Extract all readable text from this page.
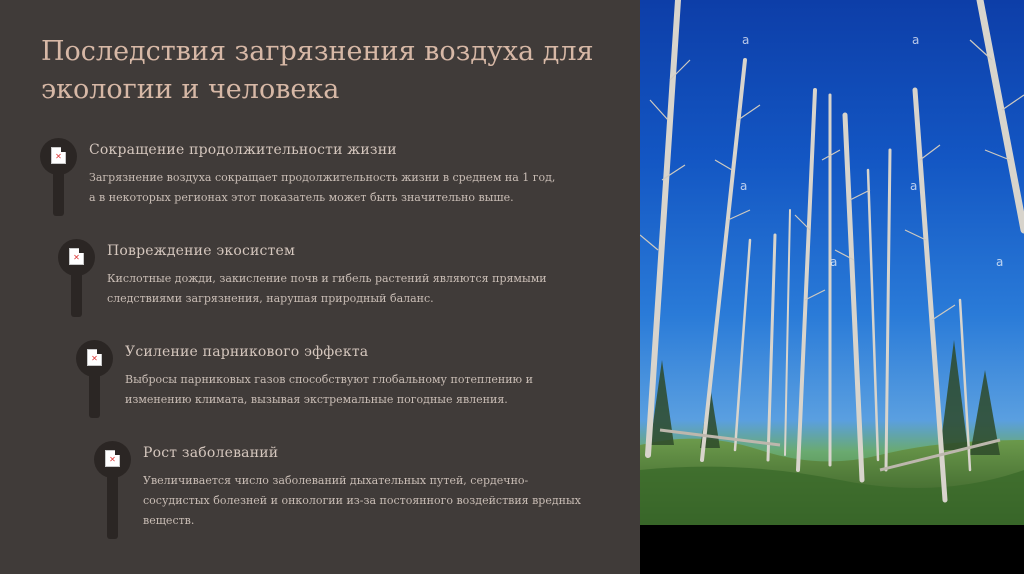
Последствия загрязнения воздуха для экологии и человека
✕ Сокращение продолжительности жизни
Загрязнение воздуха сокращает продолжительность жизни в среднем на 1 год, а в некоторых регионах этот показатель может быть значительно выше.
✕ Повреждение экосистем
Кислотные дожди, закисление почв и гибель растений являются прямыми следствиями загрязнения, нарушая природный баланс.
✕ Усиление парникового эффекта
Выбросы парниковых газов способствуют глобальному потеплению и изменению климата, вызывая экстремальные погодные явления.
✕ Рост заболеваний
Увеличивается число заболеваний дыхательных путей, сердечно-сосудистых болезней и онкологии из-за постоянного воздействия вредных веществ.
a	a
a	a
a	a
